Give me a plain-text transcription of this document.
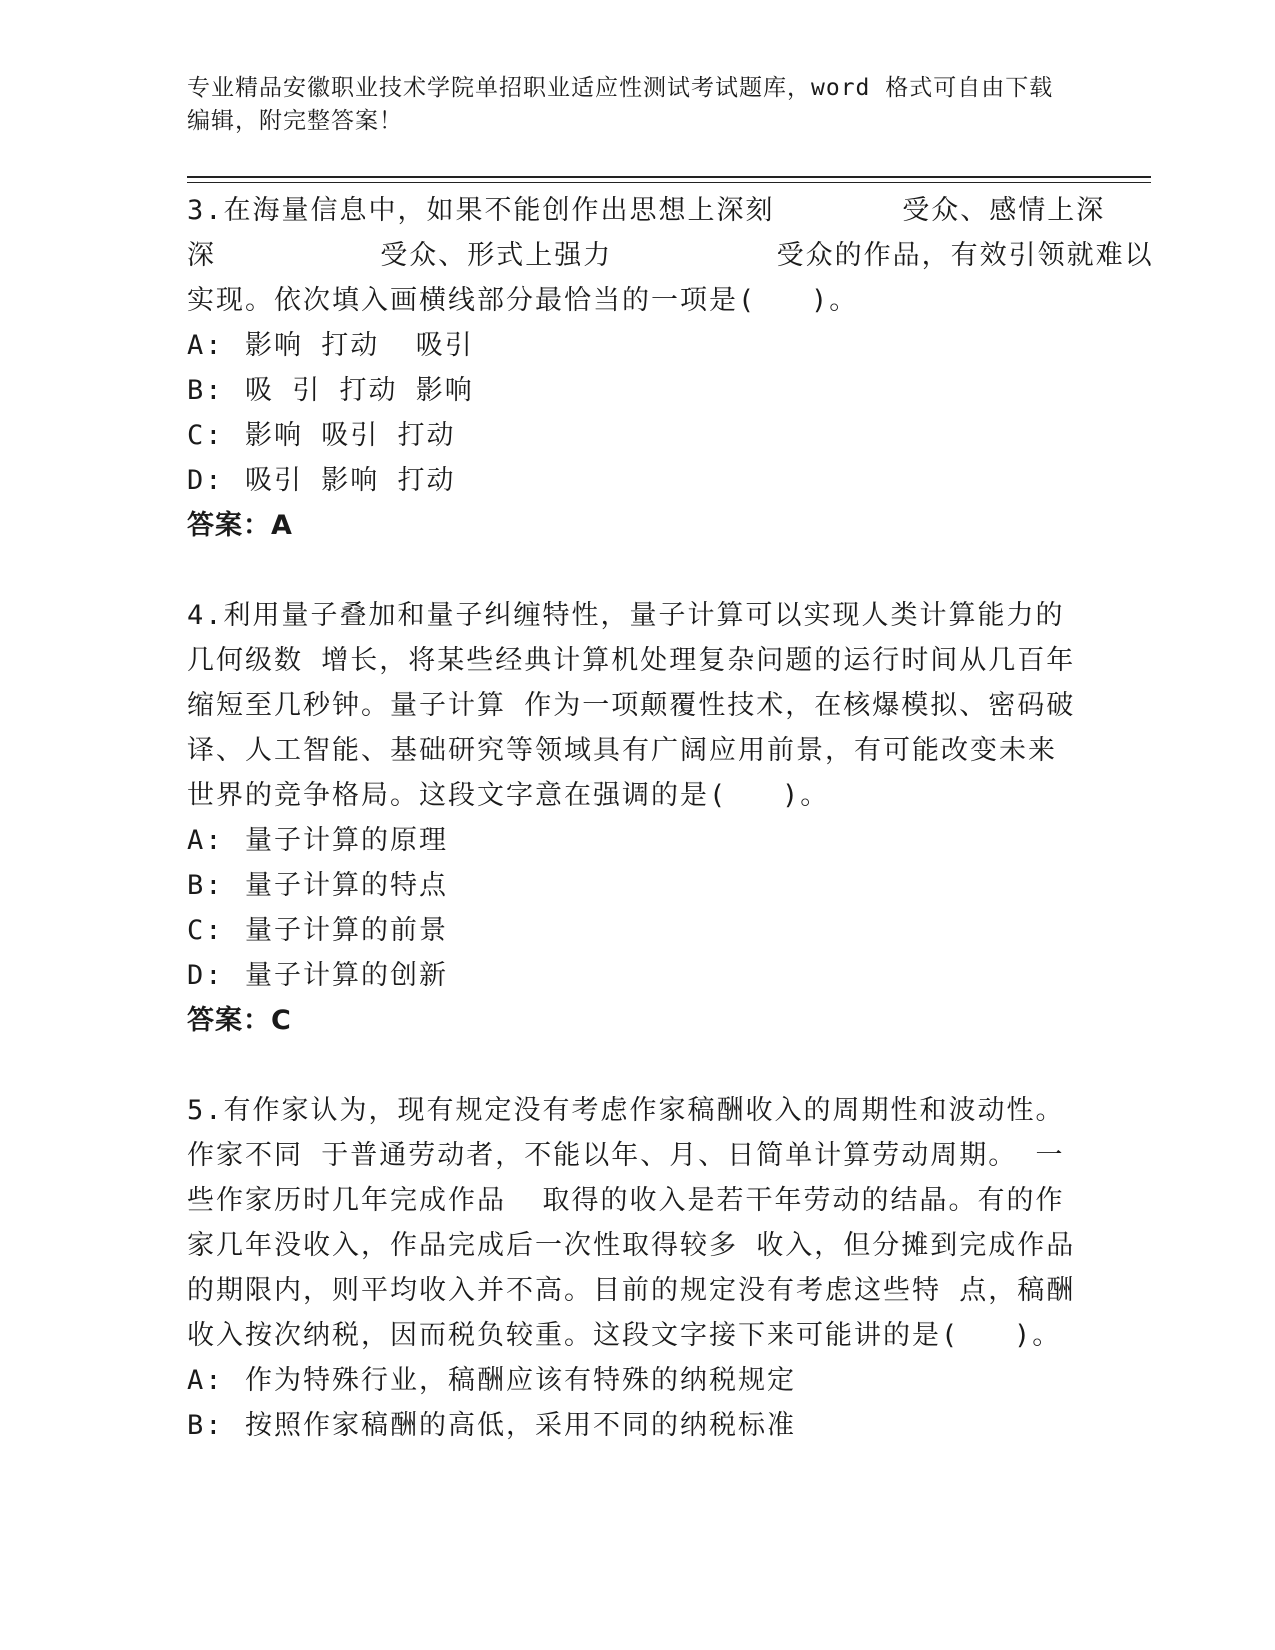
专业精品安徽职业技术学院单招职业适应性测试考试题库，word 格式可自由下载
编辑，附完整答案！
3.在海量信息中，如果不能创作出思想上深刻       受众、感情上深
深         受众、形式上强力         受众的作品，有效引领就难以
实现。依次填入画横线部分最恰当的一项是(   )。
A: 影响 打动  吸引
B: 吸 引 打动 影响
C: 影响 吸引 打动
D: 吸引 影响 打动
答案：A
4.利用量子叠加和量子纠缠特性，量子计算可以实现人类计算能力的
几何级数 增长，将某些经典计算机处理复杂问题的运行时间从几百年
缩短至几秒钟。量子计算 作为一项颠覆性技术，在核爆模拟、密码破
译、人工智能、基础研究等领域具有广阔应用前景，有可能改变未来
世界的竞争格局。这段文字意在强调的是(   )。
A: 量子计算的原理
B: 量子计算的特点
C: 量子计算的前景
D: 量子计算的创新
答案：C
5.有作家认为，现有规定没有考虑作家稿酬收入的周期性和波动性。
作家不同 于普通劳动者，不能以年、月、日简单计算劳动周期。 一
些作家历时几年完成作品  取得的收入是若干年劳动的结晶。有的作
家几年没收入，作品完成后一次性取得较多 收入，但分摊到完成作品
的期限内，则平均收入并不高。目前的规定没有考虑这些特 点，稿酬
收入按次纳税，因而税负较重。这段文字接下来可能讲的是(   )。
A: 作为特殊行业，稿酬应该有特殊的纳税规定
B: 按照作家稿酬的高低，采用不同的纳税标准
